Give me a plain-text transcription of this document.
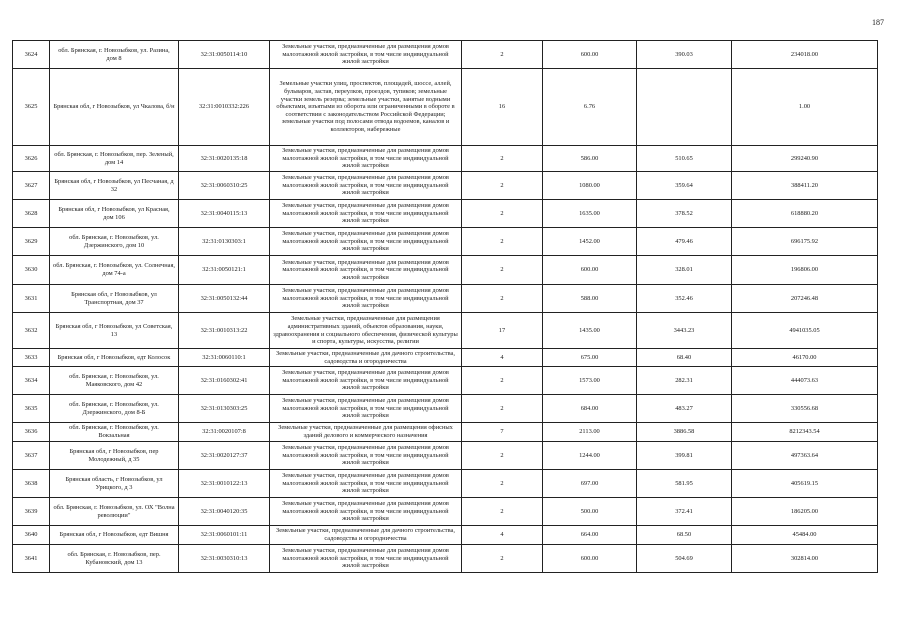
187
3624	обл. Брянская, г. Новозыбков, ул. Разина, дом 8	32:31:0050114:10	Земельные участки, предназначенные для размещения домов малоэтажной жилой застройки, в том числе индивидуальной жилой застройки	2	600.00	390.03	234018.00
3625	Брянская обл, г Новозыбков, ул Чкалова, б/н	32:31:0010332:226	Земельные участки улиц, проспектов, площадей, шоссе, аллей, бульваров, застав, переулков, проездов, тупиков; земельные участки земель резерва; земельные участки, занятые водными объектами, изъятыми из оборота или ограниченными в обороте в соответствии с законодательством Российской Федерации; земельные участки под полосами отвода водоемов, каналов и коллекторов, набережные	16	6.76		1.00
3626	обл. Брянская, г. Новозыбков, пер. Зеленый, дом 14	32:31:0020135:18	Земельные участки, предназначенные для размещения домов малоэтажной жилой застройки, в том числе индивидуальной жилой застройки	2	586.00	510.65	299240.90
3627	Брянская обл, г Новозыбков, ул Песчаная, д 32	32:31:0060310:25	Земельные участки, предназначенные для размещения домов малоэтажной жилой застройки, в том числе индивидуальной жилой застройки	2	1080.00	359.64	388411.20
3628	Брянская обл, г Новозыбков, ул Красная, дом 106	32:31:0040115:13	Земельные участки, предназначенные для размещения домов малоэтажной жилой застройки, в том числе индивидуальной жилой застройки	2	1635.00	378.52	618880.20
3629	обл. Брянская, г. Новозыбков, ул. Дзержинского, дом 10	32:31:0130303:1	Земельные участки, предназначенные для размещения домов малоэтажной жилой застройки, в том числе индивидуальной жилой застройки	2	1452.00	479.46	696175.92
3630	обл. Брянская, г. Новозыбков, ул. Солнечная, дом 74-а	32:31:0050121:1	Земельные участки, предназначенные для размещения домов малоэтажной жилой застройки, в том числе индивидуальной жилой застройки	2	600.00	328.01	196806.00
3631	Брянская обл, г Новозыбков, ул Транспортная, дом 37	32:31:0050132:44	Земельные участки, предназначенные для размещения домов малоэтажной жилой застройки, в том числе индивидуальной жилой застройки	2	588.00	352.46	207246.48
3632	Брянская обл, г Новозыбков, ул Советская, 13	32:31:0010313:22	Земельные участки, предназначенные для размещения административных зданий, объектов образования, науки, здравоохранения и социального обеспечения, физической культуры и спорта, культуры, искусства, религии	17	1435.00	3443.23	4941035.05
3633	Брянская обл, г Новозыбков, едт Колосок	32:31:0060110:1	Земельные участки, предназначенные для дачного строительства, садоводства и огородничества	4	675.00	68.40	46170.00
3634	обл. Брянская, г. Новозыбков, ул. Маяковского, дом 42	32:31:0160302:41	Земельные участки, предназначенные для размещения домов малоэтажной жилой застройки, в том числе индивидуальной жилой застройки	2	1573.00	282.31	444073.63
3635	обл. Брянская, г. Новозыбков, ул. Дзержинского, дом 8-Б	32:31:0130303:25	Земельные участки, предназначенные для размещения домов малоэтажной жилой застройки, в том числе индивидуальной жилой застройки	2	684.00	483.27	330556.68
3636	обл. Брянская, г. Новозыбков, ул. Вокзальная	32:31:0020107:8	Земельные участки, предназначенные для размещения офисных зданий делового и коммерческого назначения	7	2113.00	3886.58	8212343.54
3637	Брянская обл, г Новозыбков, пер Молодежный, д 35	32:31:0020127:37	Земельные участки, предназначенные для размещения домов малоэтажной жилой застройки, в том числе индивидуальной жилой застройки	2	1244.00	399.81	497363.64
3638	Брянская область, г Новозыбков, ул Урицкого, д 3	32:31:0010122:13	Земельные участки, предназначенные для размещения домов малоэтажной жилой застройки, в том числе индивидуальной жилой застройки	2	697.00	581.95	405619.15
3639	обл. Брянская, г. Новозыбков, ул. ОХ "Волна революции"	32:31:0040120:35	Земельные участки, предназначенные для размещения домов малоэтажной жилой застройки, в том числе индивидуальной жилой застройки	2	500.00	372.41	186205.00
3640	Брянская обл, г Новозыбков, едт Вишня	32:31:0060101:11	Земельные участки, предназначенные для дачного строительства, садоводства и огородничества	4	664.00	68.50	45484.00
3641	обл. Брянская, г. Новозыбков, пер. Кубановский, дом 13	32:31:0030310:13	Земельные участки, предназначенные для размещения домов малоэтажной жилой застройки, в том числе индивидуальной жилой застройки	2	600.00	504.69	302814.00
